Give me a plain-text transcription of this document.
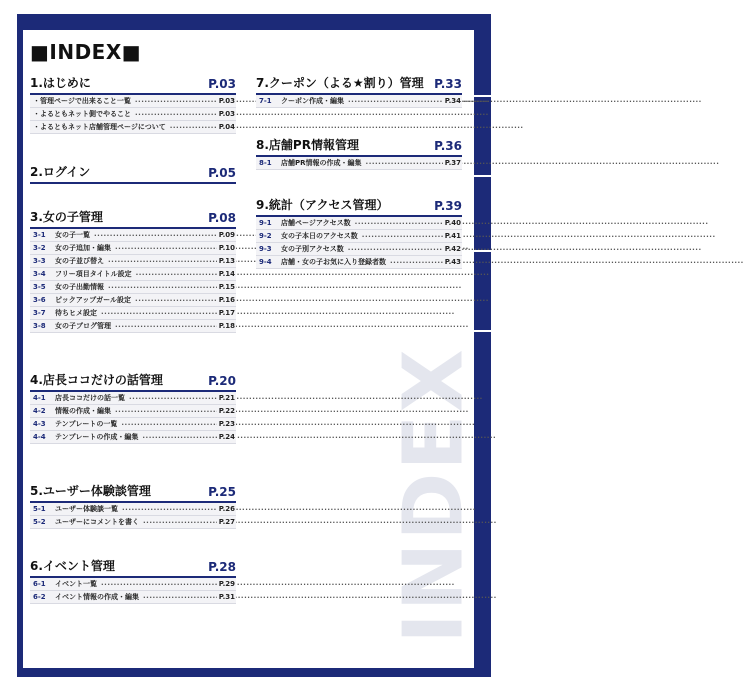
INDEX
■INDEX■
1.はじめに	P.03
・管理ページで出来ること一覧 .....	P.03
・よるともネット側でやること .....	P.03
・よるともネット店舗管理ページについて .....	P.04
2.ログイン	P.05
3.女の子管理	P.08
3-1	女の子一覧 .....	P.09
3-2	女の子追加・編集 .....	P.10
3-3	女の子並び替え .....	P.13
3-4	フリー項目タイトル設定 .....	P.14
3-5	女の子出勤情報 .....	P.15
3-6	ピックアップガール設定 .....	P.16
3-7	待ちヒメ設定 .....	P.17
3-8	女の子ブログ管理 .....	P.18
4.店長ココだけの話管理	P.20
4-1	店長ココだけの話一覧 .....	P.21
4-2	情報の作成・編集 .....	P.22
4-3	テンプレートの一覧 .....	P.23
4-4	テンプレートの作成・編集 .....	P.24
5.ユーザー体験談管理	P.25
5-1	ユーザー体験談一覧 .....	P.26
5-2	ユーザーにコメントを書く .....	P.27
6.イベント管理	P.28
6-1	イベント一覧 .....	P.29
6-2	イベント情報の作成・編集 .....	P.31
7.クーポン（よる★割り）管理 P.33
7-1	クーポン作成・編集 .....	P.34
8.店舗PR情報管理	P.36
8-1	店舗PR情報の作成・編集 .....	P.37
9.統計（アクセス管理）	P.39
9-1	店舗ページアクセス数 .....	P.40
9-2	女の子本日のアクセス数 .....	P.41
9-3	女の子別アクセス数 .....	P.42
9-4	店舗・女の子お気に入り登録者数 .....	P.43
